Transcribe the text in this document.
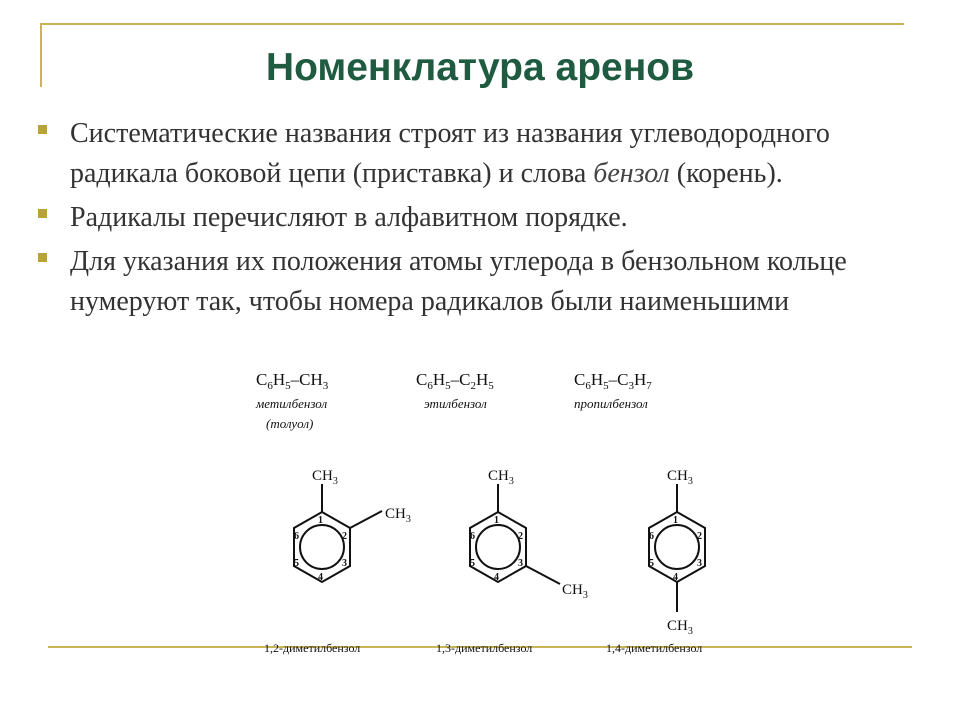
Номенклатура аренов
Систематические названия строят из названия углеводородного радикала боковой цепи (приставка) и слова бензол (корень).
Радикалы перечисляют в алфавитном порядке.
Для указания их положения атомы углерода в бензольном кольце нумеруют так, чтобы номера радикалов были наименьшими
$C_6H_5-CH_3$
метилбензол
(толуол)
$C_6H_5-C_2H_5$
этилбензол
$C_6H_5-C_3H_7$
пропилбензол
$CH_3$
$CH_3$
1
2
3
4
5
6
$CH_3$
$CH_3$
1
2
3
4
5
6
$CH_3$
$CH_3$
1
2
3
4
5
6
1,2-диметилбензол	1,3-диметилбензол	1,4-диметилбензол
